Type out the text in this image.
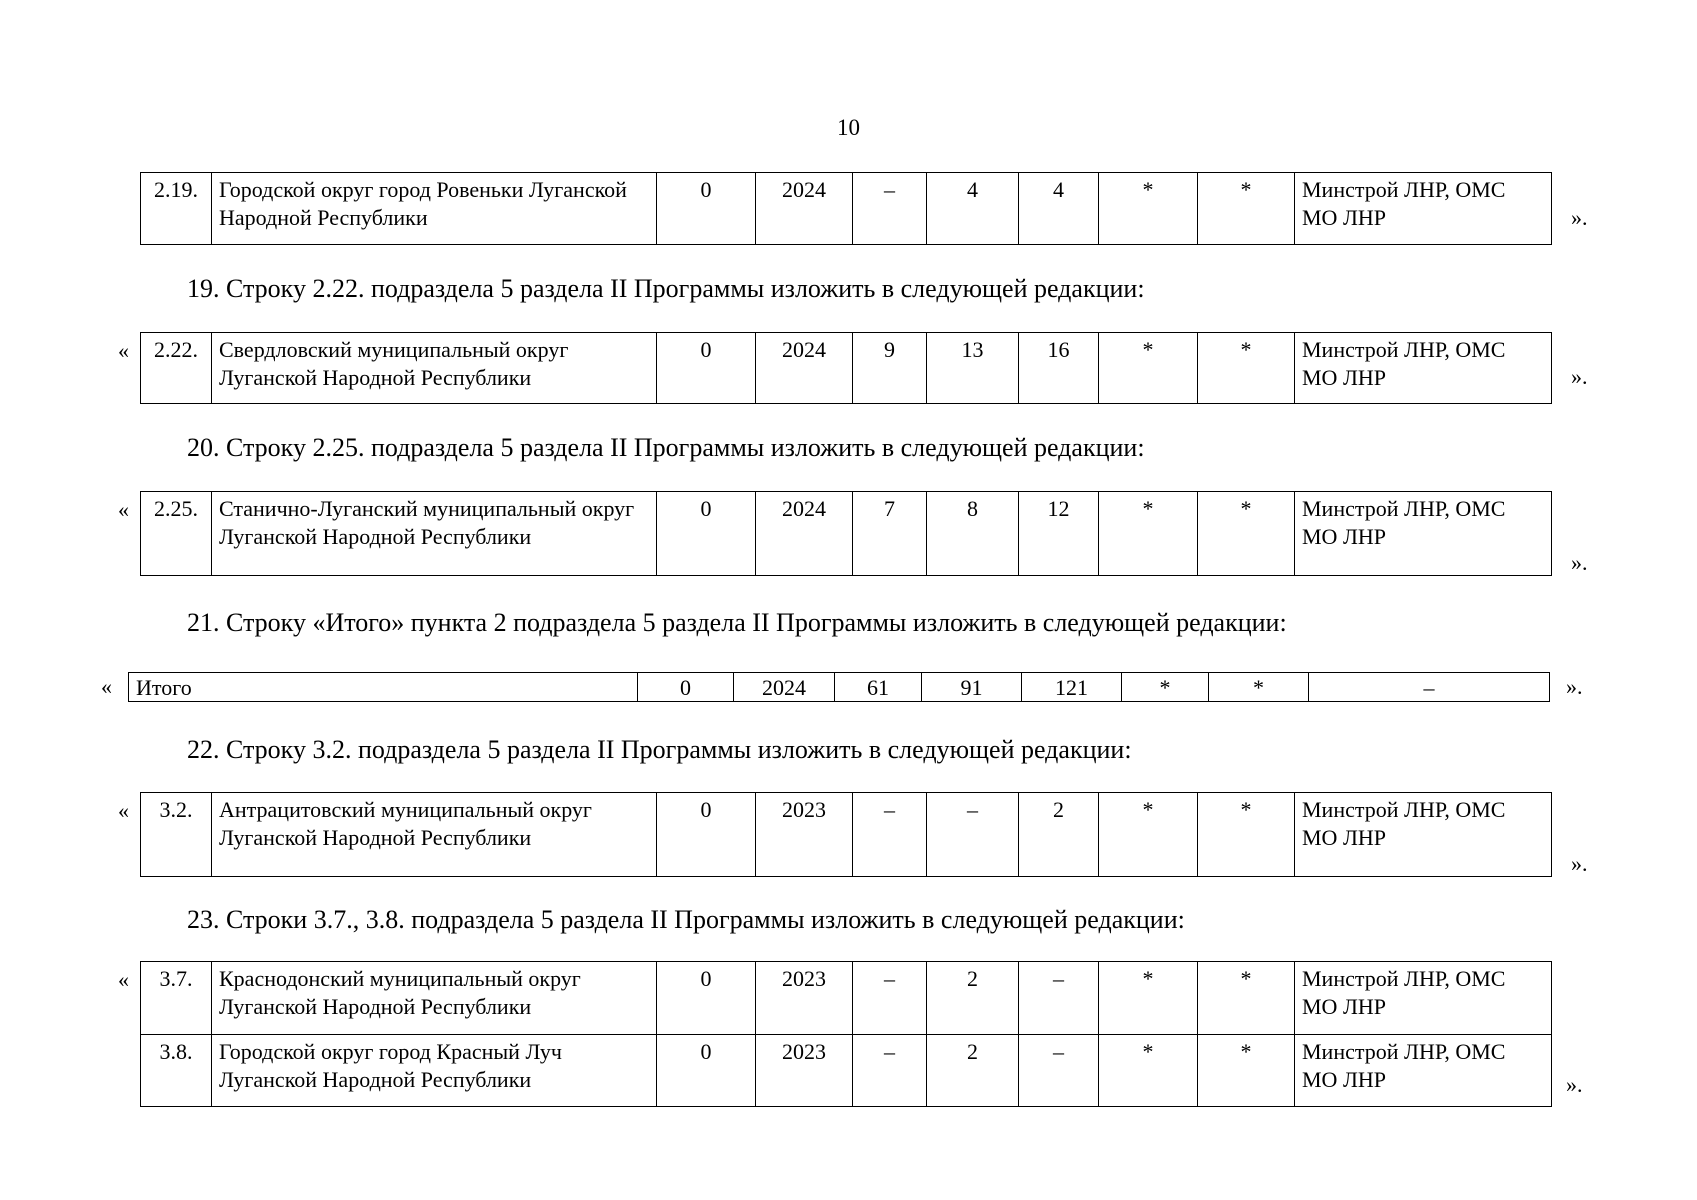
10
2.19.	Городской округ город Ровеньки Луганской Народной Республики	0	2024	–	4	4	*	*	Минстрой ЛНР, ОМС МО ЛНР	».
19. Строку 2.22. подраздела 5 раздела II Программы изложить в следующей редакции:
« 2.22.	Свердловский муниципальный округ Луганской Народной Республики	0	2024	9	13	16	*	*	Минстрой ЛНР, ОМС МО ЛНР	».
20. Строку 2.25. подраздела 5 раздела II Программы изложить в следующей редакции:
« 2.25.	Станично-Луганский муниципальный округ Луганской Народной Республики	0	2024	7	8	12	*	*	Минстрой ЛНР, ОМС МО ЛНР
».
21. Строку «Итого» пункта 2 подраздела 5 раздела II Программы изложить в следующей редакции:
« Итого	0	2024	61	91	121	*	*	–	».
22. Строку 3.2. подраздела 5 раздела II Программы изложить в следующей редакции:
« 3.2.	Антрацитовский муниципальный округ Луганской Народной Республики	0	2023	–	–	2	*	*	Минстрой ЛНР, ОМС МО ЛНР
».
23. Строки 3.7., 3.8. подраздела 5 раздела II Программы изложить в следующей редакции:
« 3.7.	Краснодонский муниципальный округ Луганской Народной Республики	0	2023	–	2	–	*	*	Минстрой ЛНР, ОМС МО ЛНР
3.8.	Городской округ город Красный Луч Луганской Народной Республики	0	2023	–	2	–	*	*	Минстрой ЛНР, ОМС МО ЛНР	».
